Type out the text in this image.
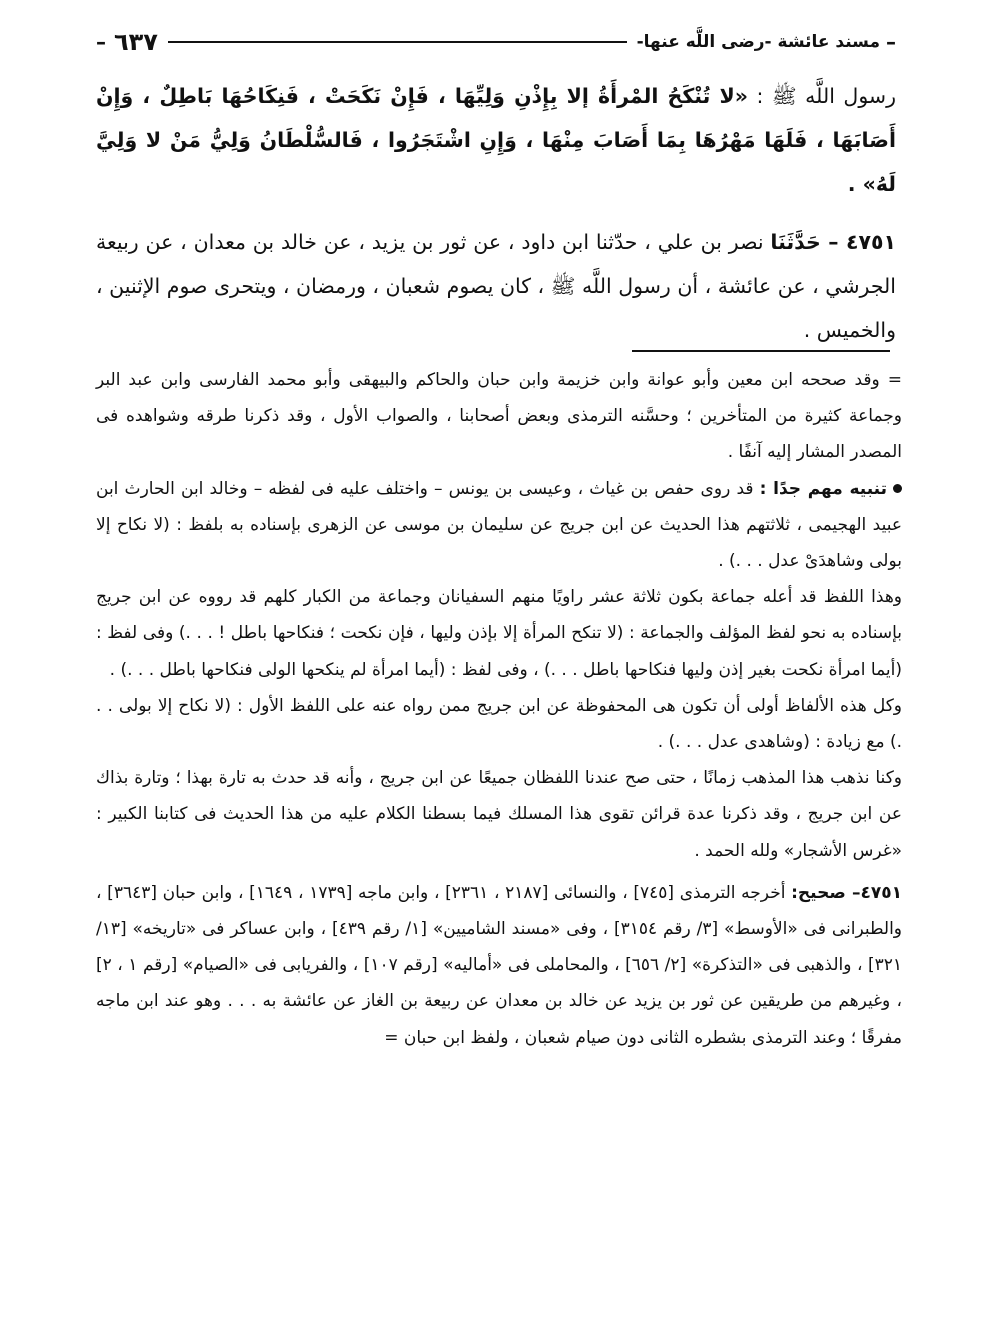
–
مسند عائشة -رضى اللَّه عنها-
٦٣٧
–

رسول اللَّه ﷺ : «لا تُنْكَحُ المْرأَةُ إلا بِإِذْنِ وَلِيِّهَا ، فَإِنْ نَكَحَتْ ، فَنِكَاحُهَا بَاطِلٌ ، وَإِنْ أَصَابَهَا ، فَلَهَا مَهْرُهَا بِمَا أَصَابَ مِنْهَا ، وَإِنِ اشْتَجَرُوا ، فَالسُّلْطَانُ وَلِيُّ مَنْ لا وَلِيَّ لَهُ» .

٤٧٥١ – حَدَّثَنَا نصر بن علي ، حدّثنا ابن داود ، عن ثور بن يزيد ، عن خالد بن معدان ، عن ربيعة الجرشي ، عن عائشة ، أن رسول اللَّه ﷺ ، كان يصوم شعبان ، ورمضان ، ويتحرى صوم الإثنين ، والخميس .

= وقد صححه ابن معين وأبو عوانة وابن خزيمة وابن حبان والحاكم والبيهقى وأبو محمد الفارسى وابن عبد البر وجماعة كثيرة من المتأخرين ؛ وحسَّنه الترمذى وبعض أصحابنا ، والصواب الأول ، وقد ذكرنا طرقه وشواهده فى المصدر المشار إليه آنفًا .

تنبيه مهم جدًا : قد روى حفص بن غياث ، وعيسى بن يونس – واختلف عليه فى لفظه – وخالد ابن الحارث ابن عبيد الهجيمى ، ثلاثتهم هذا الحديث عن ابن جريج عن سليمان بن موسى عن الزهرى بإسناده به بلفظ : (لا نكاح إلا بولى وشاهدَىْ عدل . . .) .

وهذا اللفظ قد أعله جماعة بكون ثلاثة عشر راويًا منهم السفيانان وجماعة من الكبار كلهم قد رووه عن ابن جريج بإسناده به نحو لفظ المؤلف والجماعة : (لا تنكح المرأة إلا بإذن وليها ، فإن نكحت ؛ فنكاحها باطل ! . . .) وفى لفظ : (أيما امرأة نكحت بغير إذن وليها فنكاحها باطل . . .) ، وفى لفظ : (أيما امرأة لم ينكحها الولى فنكاحها باطل . . .) .

وكل هذه الألفاظ أولى أن تكون هى المحفوظة عن ابن جريج ممن رواه عنه على اللفظ الأول : (لا نكاح إلا بولى . . .) مع زيادة : (وشاهدى عدل . . .) .

وكنا نذهب هذا المذهب زمانًا ، حتى صح عندنا اللفظان جميعًا عن ابن جريج ، وأنه قد حدث به تارة بهذا ؛ وتارة بذاك عن ابن جريج ، وقد ذكرنا عدة قرائن تقوى هذا المسلك فيما بسطنا الكلام عليه من هذا الحديث فى كتابنا الكبير : «غرس الأشجار» ولله الحمد .

٤٧٥١– صحيح: أخرجه الترمذى [٧٤٥] ، والنسائى [٢١٨٧ ، ٢٣٦١] ، وابن ماجه [١٧٣٩ ، ١٦٤٩] ، وابن حبان [٣٦٤٣] ، والطبرانى فى «الأوسط» [٣/ رقم ٣١٥٤] ، وفى «مسند الشاميين» [١/ رقم ٤٣٩] ، وابن عساكر فى «تاريخه» [١٣/ ٣٢١] ، والذهبى فى «التذكرة» [٢/ ٦٥٦] ، والمحاملى فى «أماليه» [رقم ١٠٧] ، والفريابى فى «الصيام» [رقم ١ ، ٢] ، وغيرهم من طريقين عن ثور بن يزيد عن خالد بن معدان عن ربيعة بن الغاز عن عائشة به . . . وهو عند ابن ماجه مفرقًا ؛ وعند الترمذى بشطره الثانى دون صيام شعبان ، ولفظ ابن حبان =
